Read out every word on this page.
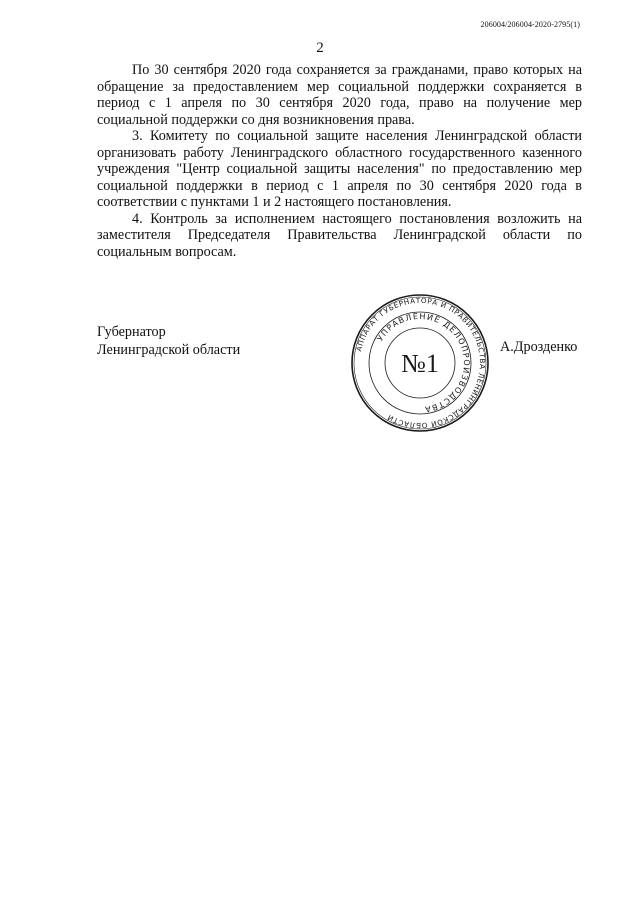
206004/206004-2020-2795(1)
2

По 30 сентября 2020 года сохраняется за гражданами, право которых на обращение за предоставлением мер социальной поддержки сохраняется в период с 1 апреля по 30 сентября 2020 года, право на получение мер социальной поддержки со дня возникновения права.

3. Комитету по социальной защите населения Ленинградской области организовать работу Ленинградского областного государственного казенного учреждения "Центр социальной защиты населения" по предоставлению мер социальной поддержки в период с 1 апреля по 30 сентября 2020 года в соответствии с пунктами 1 и 2 настоящего постановления.

4. Контроль за исполнением настоящего постановления возложить на заместителя Председателя Правительства Ленинградской области по социальным вопросам.

Губернатор
Ленинградской области	АППАРАТ ГУБЕРНАТОРА И ПРАВИТЕЛЬСТВА ЛЕНИНГРАДСКОЙ ОБЛАСТИ
УПРАВЛЕНИЕ ДЕЛОПРОИЗВОДСТВА
№1
А.Дрозденко
